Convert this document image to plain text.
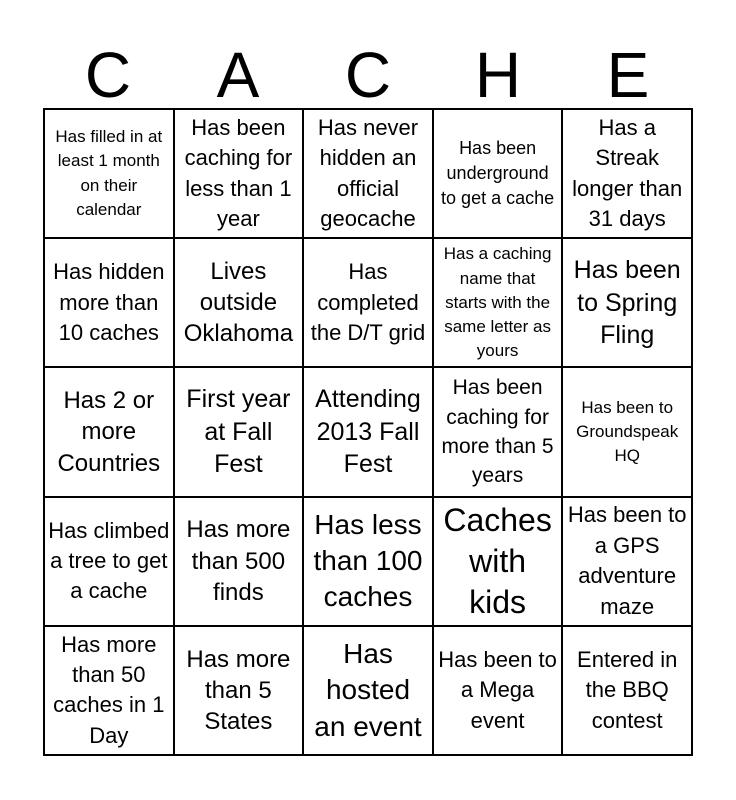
C	A	C	H	E
Has filled in at least 1 month on their calendar
Has been caching for less than 1 year
Has never hidden an official geocache
Has been underground to get a cache
Has a Streak longer than 31 days
Has hidden more than 10 caches
Lives outside Oklahoma
Has completed the D/T grid
Has a caching name that starts with the same letter as yours
Has been to Spring Fling
Has 2 or more Countries
First year at Fall Fest
Attending 2013 Fall Fest
Has been caching for more than 5 years
Has been to Groundspeak HQ
Has climbed a tree to get a cache
Has more than 500 finds
Has less than 100 caches
Caches with kids
Has been to a GPS adventure maze
Has more than 50 caches in 1 Day
Has more than 5 States
Has hosted an event
Has been to a Mega event
Entered in the BBQ contest
